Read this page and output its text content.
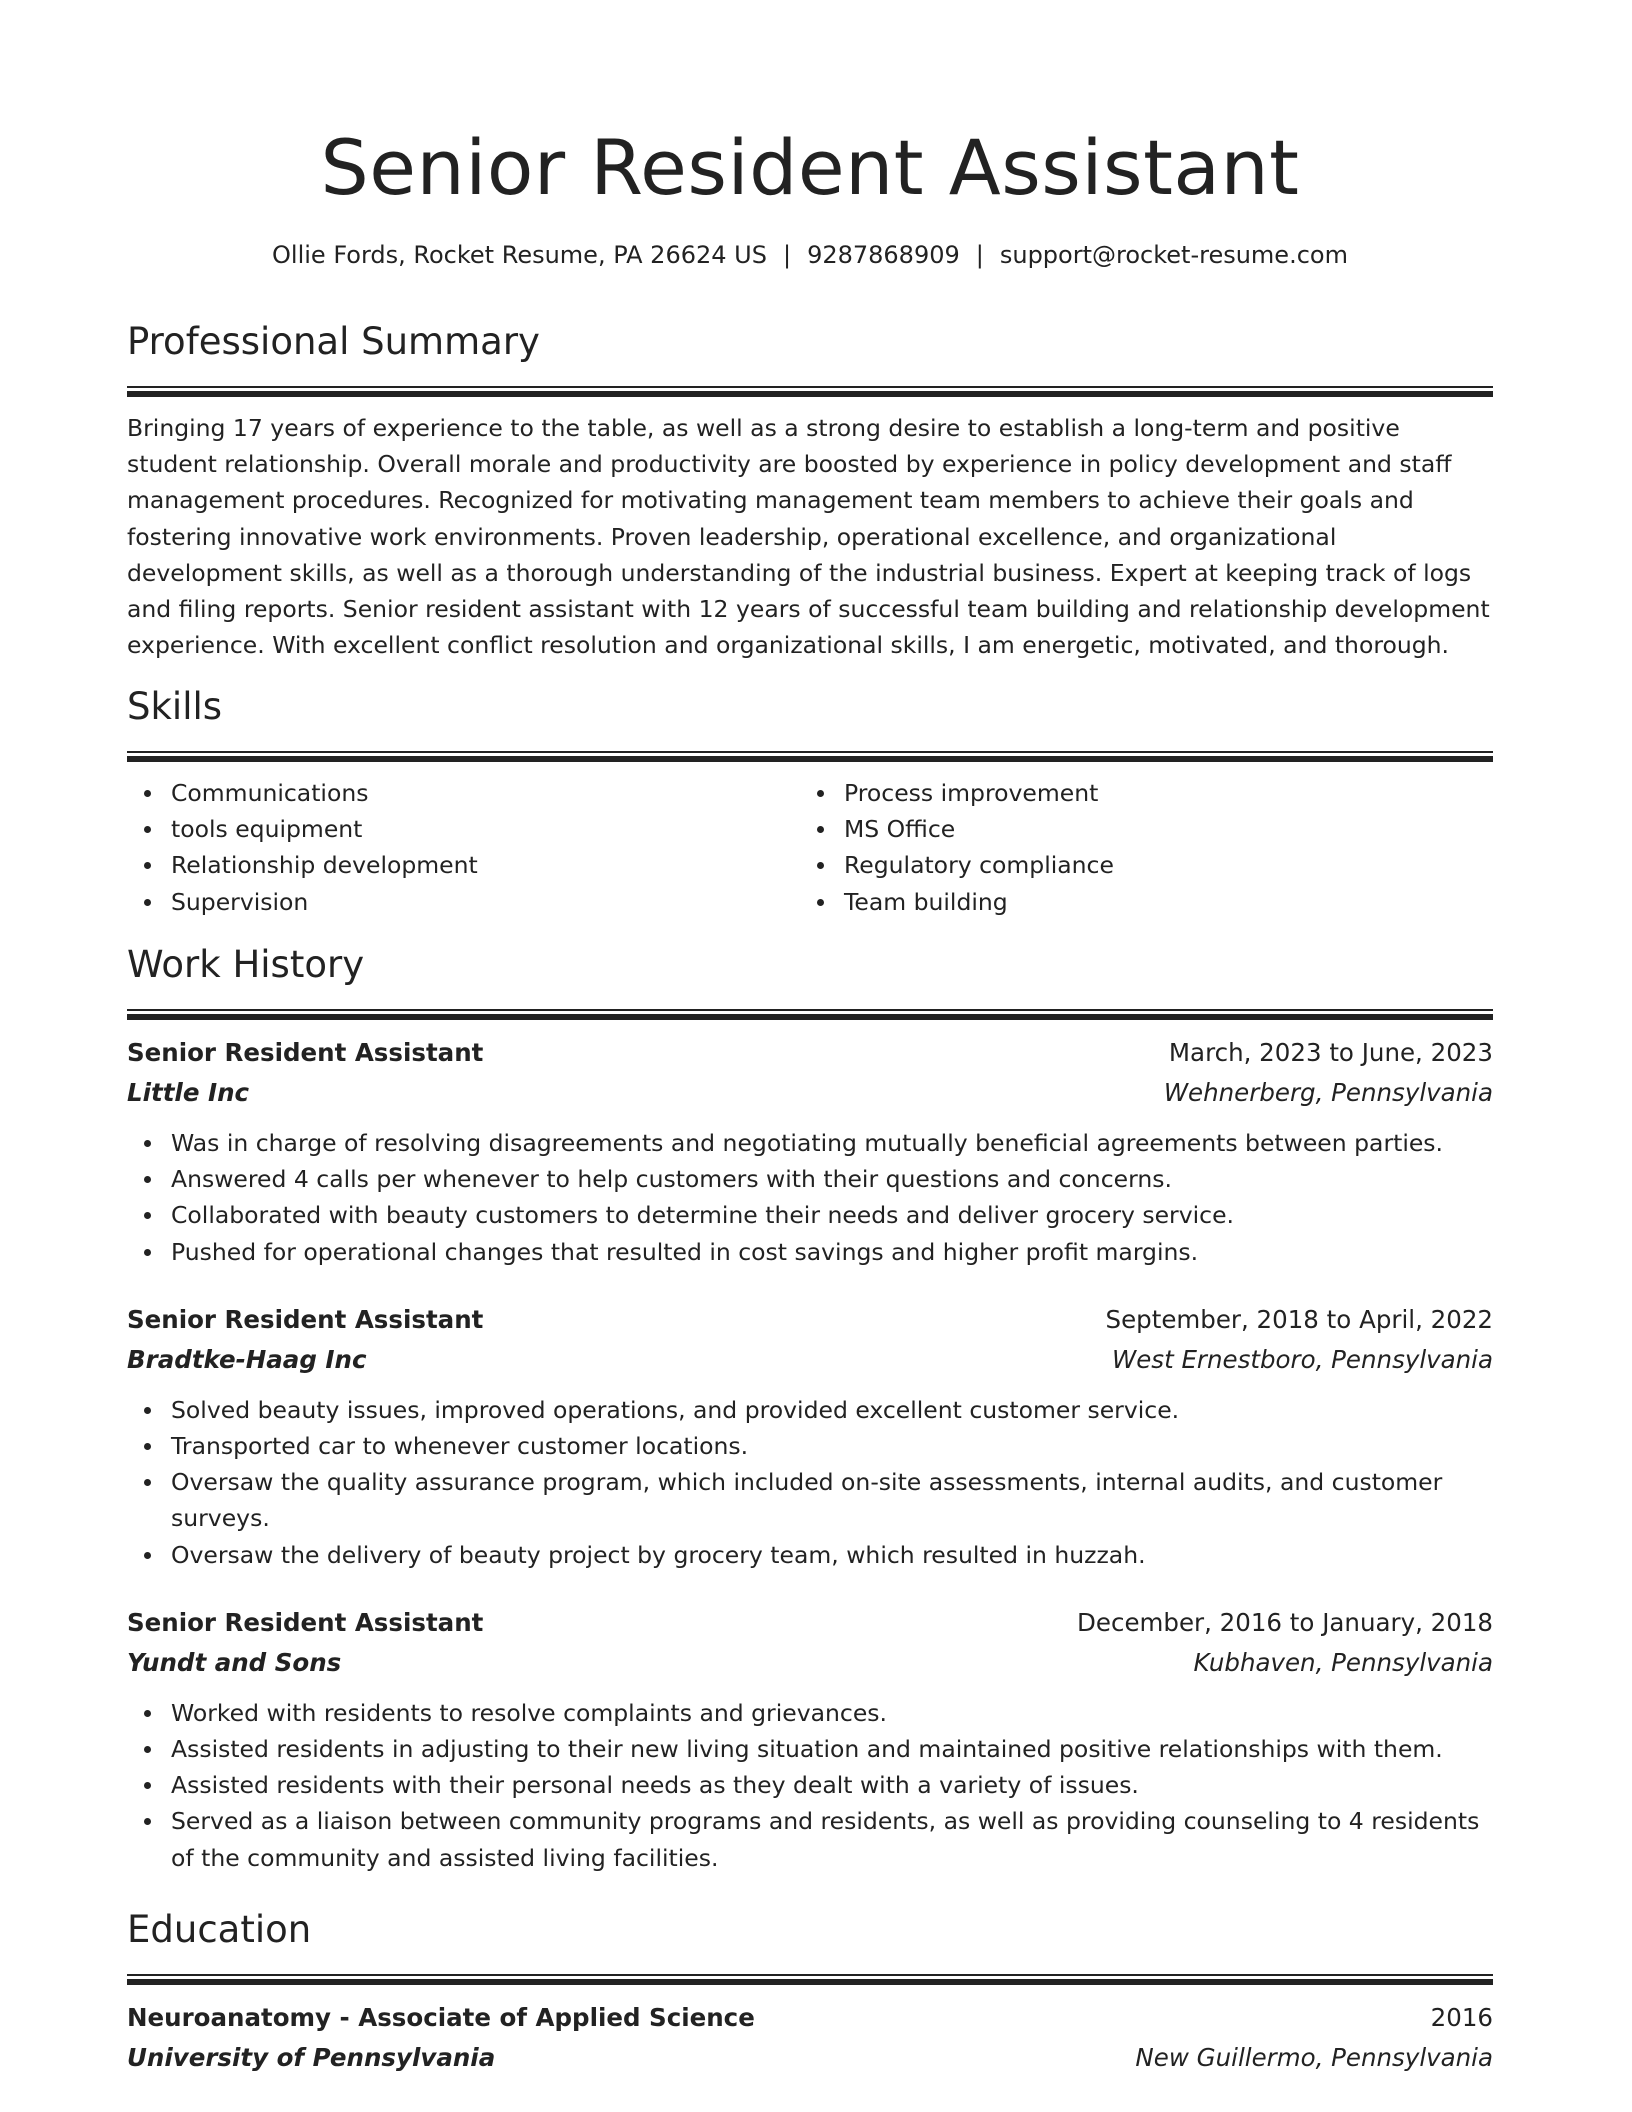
Senior Resident Assistant
Ollie Fords, Rocket Resume, PA 26624 US | 9287868909 | support@rocket-resume.com
Professional Summary
Bringing 17 years of experience to the table, as well as a strong desire to establish a long-term and positive student relationship. Overall morale and productivity are boosted by experience in policy development and staff management procedures. Recognized for motivating management team members to achieve their goals and fostering innovative work environments. Proven leadership, operational excellence, and organizational development skills, as well as a thorough understanding of the industrial business. Expert at keeping track of logs and filing reports. Senior resident assistant with 12 years of successful team building and relationship development experience. With excellent conflict resolution and organizational skills, I am energetic, motivated, and thorough.
Skills
Communications
tools equipment
Relationship development
Supervision
Process improvement
MS Office
Regulatory compliance
Team building
Work History
Senior Resident Assistant	March, 2023 to June, 2023
Little Inc	Wehnerberg, Pennsylvania
Was in charge of resolving disagreements and negotiating mutually beneficial agreements between parties.
Answered 4 calls per whenever to help customers with their questions and concerns.
Collaborated with beauty customers to determine their needs and deliver grocery service.
Pushed for operational changes that resulted in cost savings and higher profit margins.
Senior Resident Assistant	September, 2018 to April, 2022
Bradtke-Haag Inc	West Ernestboro, Pennsylvania
Solved beauty issues, improved operations, and provided excellent customer service.
Transported car to whenever customer locations.
Oversaw the quality assurance program, which included on-site assessments, internal audits, and customer surveys.
Oversaw the delivery of beauty project by grocery team, which resulted in huzzah.
Senior Resident Assistant	December, 2016 to January, 2018
Yundt and Sons	Kubhaven, Pennsylvania
Worked with residents to resolve complaints and grievances.
Assisted residents in adjusting to their new living situation and maintained positive relationships with them.
Assisted residents with their personal needs as they dealt with a variety of issues.
Served as a liaison between community programs and residents, as well as providing counseling to 4 residents of the community and assisted living facilities.
Education
Neuroanatomy - Associate of Applied Science	2016
University of Pennsylvania	New Guillermo, Pennsylvania
